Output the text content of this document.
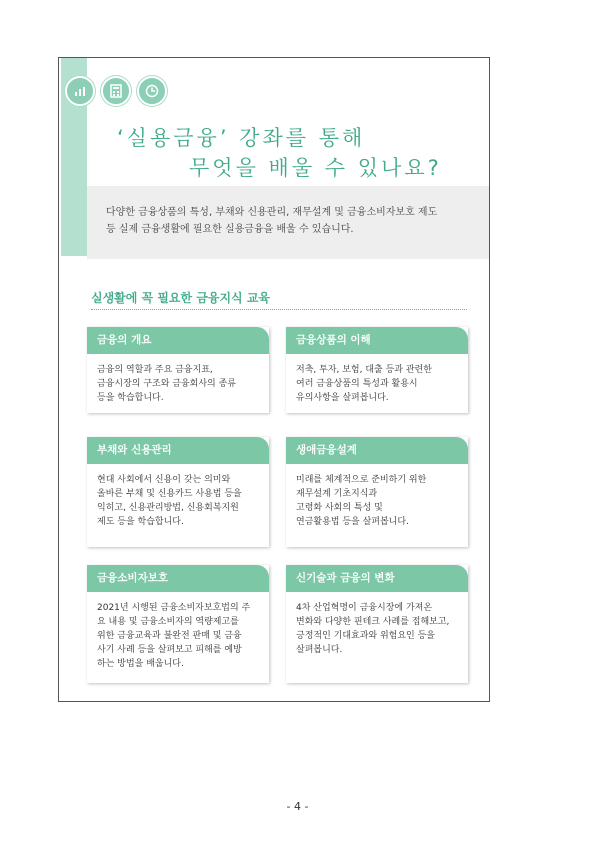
‘실용금융’ 강좌를 통해
무엇을 배울 수 있나요?

다양한 금융상품의 특성, 부채와 신용관리, 재무설계 및 금융소비자보호 제도

등 실제 금융생활에 필요한 실용금융을 배울 수 있습니다.

실생활에 꼭 필요한 금융지식 교육
금융의 개요

금융의 역할과 주요 금융지표,

금융시장의 구조와 금융회사의 종류

등을 학습합니다.

금융상품의 이해

저축, 투자, 보험, 대출 등과 관련한

여러 금융상품의 특성과 활용시

유의사항을 살펴봅니다.

부채와 신용관리

현대 사회에서 신용이 갖는 의미와

올바른 부채 및 신용카드 사용법 등을

익히고, 신용관리방법, 신용회복지원

제도 등을 학습합니다.

생애금융설계

미래를 체계적으로 준비하기 위한

재무설계 기초지식과

고령화 사회의 특성 및

연금활용법 등을 살펴봅니다.

금융소비자보호

2021년 시행된 금융소비자보호법의 주

요 내용 및 금융소비자의 역량제고를

위한 금융교육과 불완전 판매 및 금융

사기 사례 등을 살펴보고 피해를 예방

하는 방법을 배웁니다.

신기술과 금융의 변화

4차 산업혁명이 금융시장에 가져온

변화와 다양한 핀테크 사례를 접해보고,

긍정적인 기대효과와 위험요인 등을

살펴봅니다.

- 4 -
